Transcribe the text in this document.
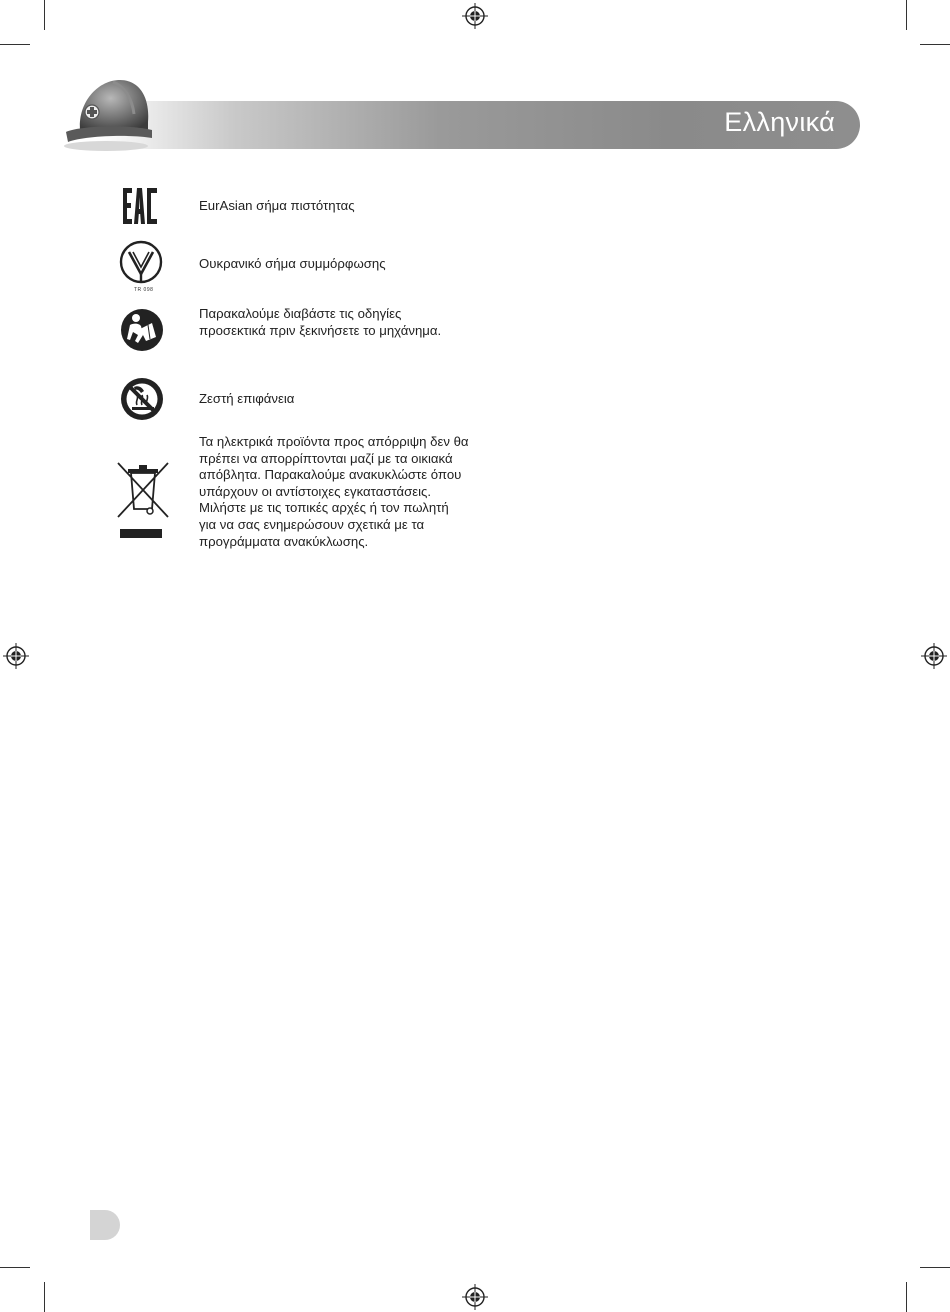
Ελληνικά
EurAsian σήμα πιστότητας
TR 098
Ουκρανικό σήμα συμμόρφωσης
Παρακαλούμε διαβάστε τις οδηγίες προσεκτικά πριν ξεκινήσετε το μηχάνημα.
Ζεστή επιφάνεια
Τα ηλεκτρικά προϊόντα προς απόρριψη δεν θα πρέπει να απορρίπτονται μαζί με τα οικιακά απόβλητα. Παρακαλούμε ανακυκλώστε όπου υπάρχουν οι αντίστοιχες εγκαταστάσεις. Μιλήστε με τις τοπικές αρχές ή τον πωλητή για να σας ενημερώσουν σχετικά με τα προγράμματα ανακύκλωσης.
